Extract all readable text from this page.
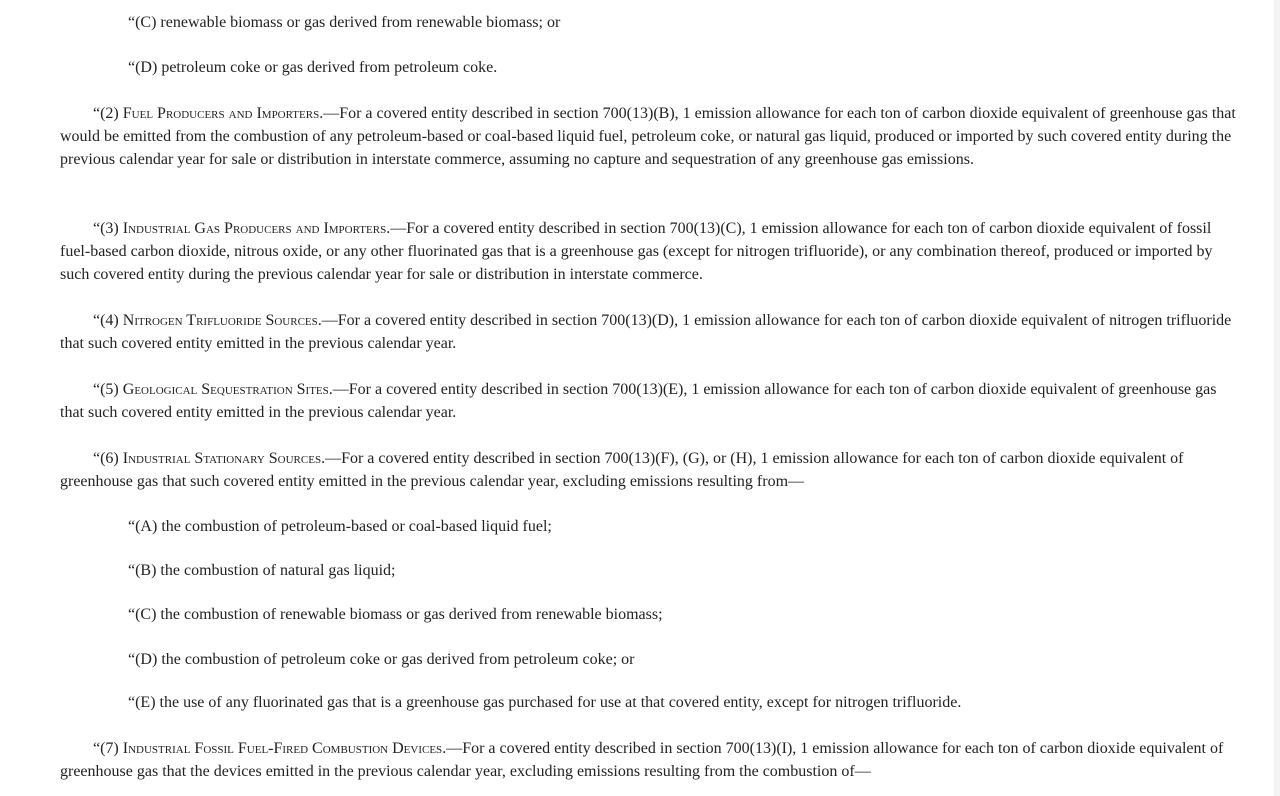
“(C) renewable biomass or gas derived from renewable biomass; or
“(D) petroleum coke or gas derived from petroleum coke.
“(2) Fuel Producers and Importers.—For a covered entity described in section 700(13)(B), 1 emission allowance for each ton of carbon dioxide equivalent of greenhouse gas that would be emitted from the combustion of any petroleum-based or coal-based liquid fuel, petroleum coke, or natural gas liquid, produced or imported by such covered entity during the previous calendar year for sale or distribution in interstate commerce, assuming no capture and sequestration of any greenhouse gas emissions.
“(3) Industrial Gas Producers and Importers.—For a covered entity described in section 700(13)(C), 1 emission allowance for each ton of carbon dioxide equivalent of fossil fuel-based carbon dioxide, nitrous oxide, or any other fluorinated gas that is a greenhouse gas (except for nitrogen trifluoride), or any combination thereof, produced or imported by such covered entity during the previous calendar year for sale or distribution in interstate commerce.
“(4) Nitrogen Trifluoride Sources.—For a covered entity described in section 700(13)(D), 1 emission allowance for each ton of carbon dioxide equivalent of nitrogen trifluoride that such covered entity emitted in the previous calendar year.
“(5) Geological Sequestration Sites.—For a covered entity described in section 700(13)(E), 1 emission allowance for each ton of carbon dioxide equivalent of greenhouse gas that such covered entity emitted in the previous calendar year.
“(6) Industrial Stationary Sources.—For a covered entity described in section 700(13)(F), (G), or (H), 1 emission allowance for each ton of carbon dioxide equivalent of greenhouse gas that such covered entity emitted in the previous calendar year, excluding emissions resulting from—
“(A) the combustion of petroleum-based or coal-based liquid fuel;
“(B) the combustion of natural gas liquid;
“(C) the combustion of renewable biomass or gas derived from renewable biomass;
“(D) the combustion of petroleum coke or gas derived from petroleum coke; or
“(E) the use of any fluorinated gas that is a greenhouse gas purchased for use at that covered entity, except for nitrogen trifluoride.
“(7) Industrial Fossil Fuel-Fired Combustion Devices.—For a covered entity described in section 700(13)(I), 1 emission allowance for each ton of carbon dioxide equivalent of greenhouse gas that the devices emitted in the previous calendar year, excluding emissions resulting from the combustion of—
